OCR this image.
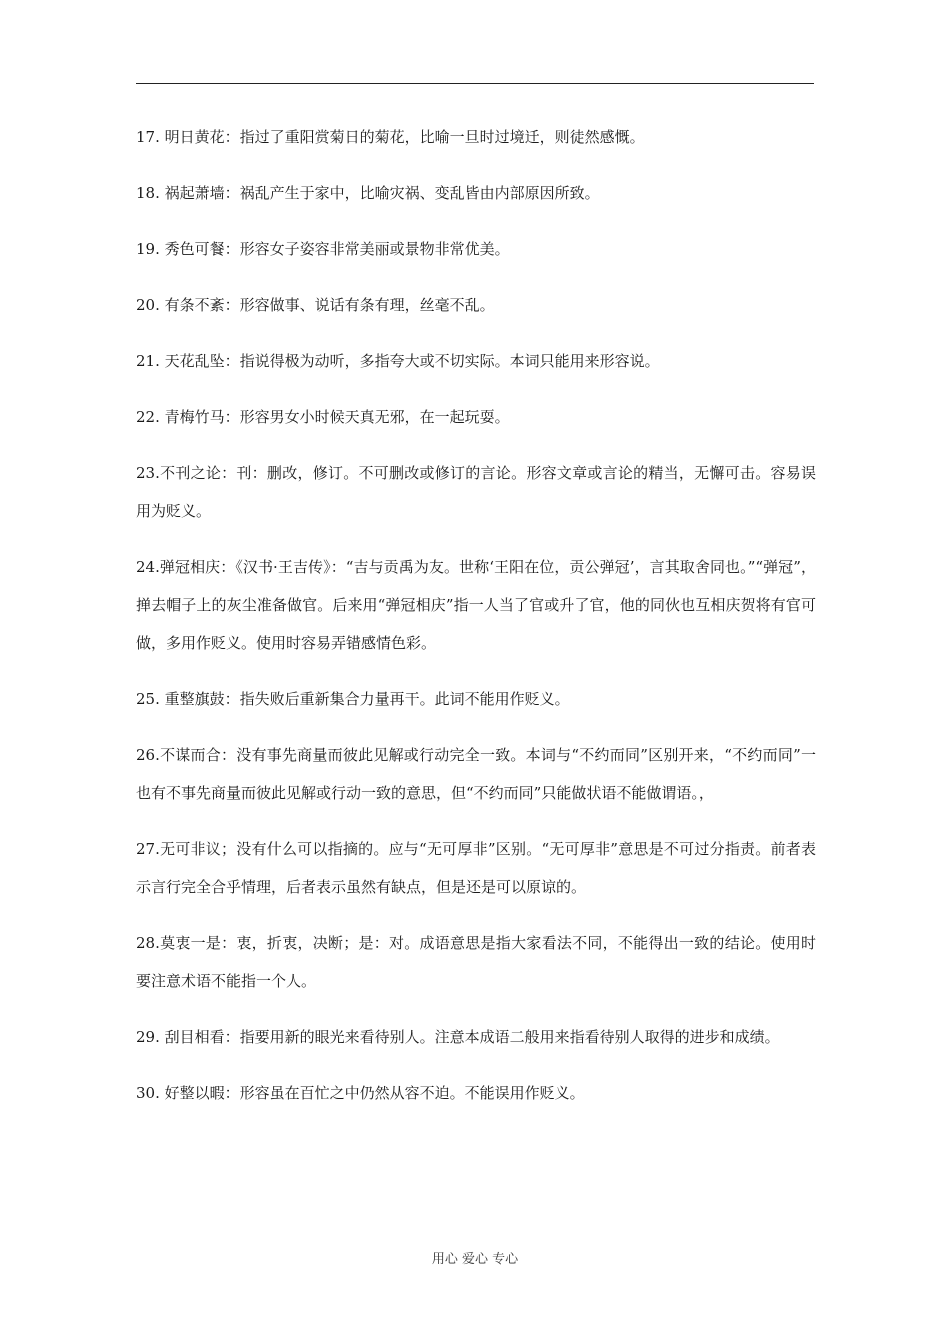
17. 明日黄花：指过了重阳赏菊日的菊花，比喻一旦时过境迁，则徒然感慨。

18. 祸起萧墙：祸乱产生于家中，比喻灾祸、变乱皆由内部原因所致。

19. 秀色可餐：形容女子姿容非常美丽或景物非常优美。

20. 有条不紊：形容做事、说话有条有理，丝毫不乱。

21. 天花乱坠：指说得极为动听，多指夸大或不切实际。本词只能用来形容说。

22. 青梅竹马：形容男女小时候天真无邪，在一起玩耍。

23.不刊之论：刊：删改，修订。不可删改或修订的言论。形容文章或言论的精当，无懈可击。容易误用为贬义。

24.弹冠相庆：《汉书·王吉传》：“吉与贡禹为友。世称‘王阳在位，贡公弹冠’，言其取舍同也。”“弹冠”，掸去帽子上的灰尘准备做官。后来用“弹冠相庆”指一人当了官或升了官，他的同伙也互相庆贺将有官可做，多用作贬义。使用时容易弄错感情色彩。

25. 重整旗鼓：指失败后重新集合力量再干。此词不能用作贬义。

26.不谋而合：没有事先商量而彼此见解或行动完全一致。本词与“不约而同”区别开来，“不约而同”一也有不事先商量而彼此见解或行动一致的意思，但“不约而同”只能做状语不能做谓语。，

27.无可非议；没有什么可以指摘的。应与“无可厚非”区别。“无可厚非”意思是不可过分指责。前者表示言行完全合乎情理，后者表示虽然有缺点，但是还是可以原谅的。

28.莫衷一是：衷，折衷，决断；是：对。成语意思是指大家看法不同，不能得出一致的结论。使用时要注意术语不能指一个人。

29. 刮目相看：指要用新的眼光来看待别人。注意本成语二般用来指看待别人取得的进步和成绩。

30. 好整以暇：形容虽在百忙之中仍然从容不迫。不能误用作贬义。

用心 爱心 专心
